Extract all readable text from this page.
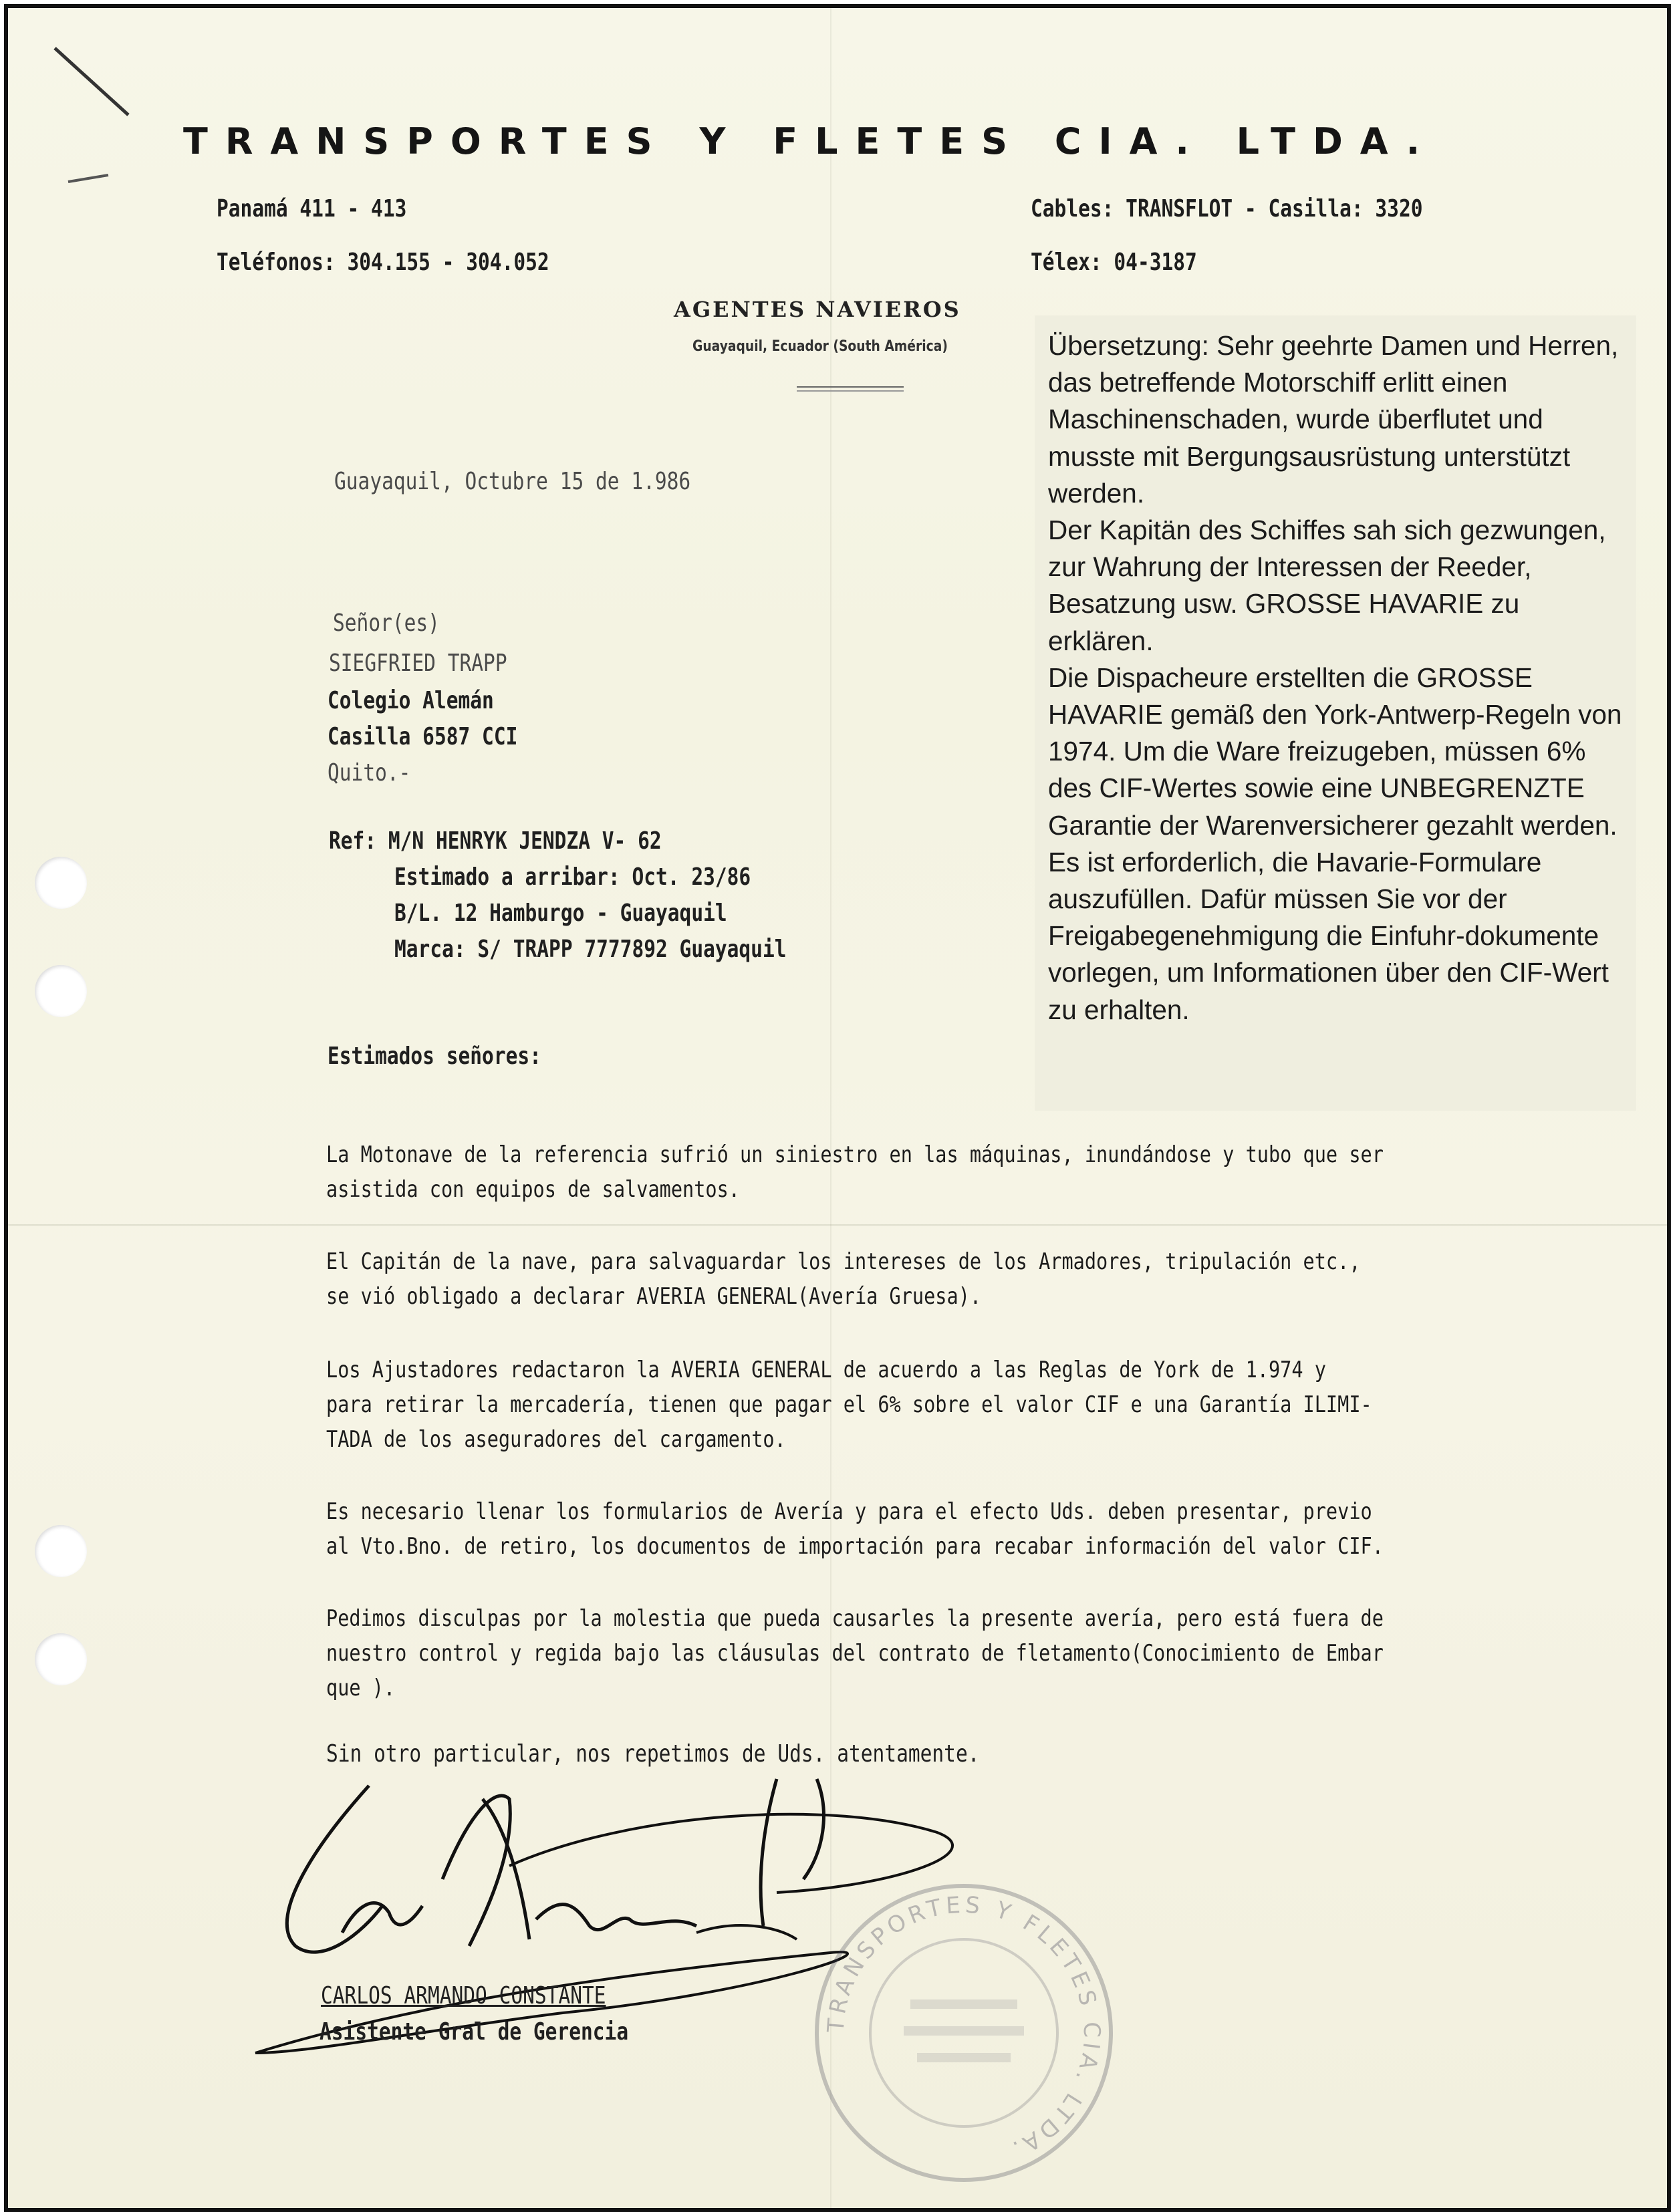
TRANSPORTES Y FLETES CIA. LTDA.
Panamá 411 - 413
Teléfonos: 304.155 - 304.052
Cables: TRANSFLOT - Casilla: 3320
Télex: 04-3187
AGENTES NAVIEROS
Guayaquil, Ecuador (South América)	Übersetzung: Sehr geehrte Damen und Herren,

das betreffende Motorschiff erlitt einen Maschinenschaden, wurde überflutet und musste mit Bergungsausrüstung unterstützt werden.

Der Kapitän des Schiffes sah sich gezwungen, zur Wahrung der Interessen der Reeder, Besatzung usw. GROSSE HAVARIE zu erklären.

Die Dispacheure erstellten die GROSSE HAVARIE gemäß den York-Antwerp-Regeln von 1974. Um die Ware freizugeben, müssen 6% des CIF-Wertes sowie eine UNBEGRENZTE Garantie der Warenversicherer gezahlt werden.

Es ist erforderlich, die Havarie-Formulare auszufüllen. Dafür müssen Sie vor der Freigabegenehmigung die Einfuhr-dokumente vorlegen, um Informationen über den CIF-Wert zu erhalten.

Guayaquil, Octubre 15 de 1.986
Señor(es)
SIEGFRIED TRAPP
Colegio Alemán
Casilla 6587 CCI
Quito.-
Ref: M/N HENRYK JENDZA V- 62
Estimado a arribar: Oct. 23/86
B/L. 12 Hamburgo - Guayaquil
Marca: S/ TRAPP 7777892 Guayaquil
Estimados señores:
La Motonave de la referencia sufrió un siniestro en las máquinas, inundándose y tubo que ser
asistida con equipos de salvamentos.
El Capitán de la nave, para salvaguardar los intereses de los Armadores, tripulación etc.,
se vió obligado a declarar AVERIA GENERAL(Avería Gruesa).
Los Ajustadores redactaron la AVERIA GENERAL de acuerdo a las Reglas de York de 1.974 y
para retirar la mercadería, tienen que pagar el 6% sobre el valor CIF e una Garantía ILIMI-
TADA de los aseguradores del cargamento.
Es necesario llenar los formularios de Avería y para el efecto Uds. deben presentar, previo
al Vto.Bno. de retiro, los documentos de importación para recabar información del valor CIF.
Pedimos disculpas por la molestia que pueda causarles la presente avería, pero está fuera de
nuestro control y regida bajo las cláusulas del contrato de fletamento(Conocimiento de Embar
que ).
Sin otro particular, nos repetimos de Uds. atentamente.
CARLOS ARMANDO CONSTANTE
Asistente Gral de Gerencia	TRANSPORTES Y FLETES CIA. LTDA.
